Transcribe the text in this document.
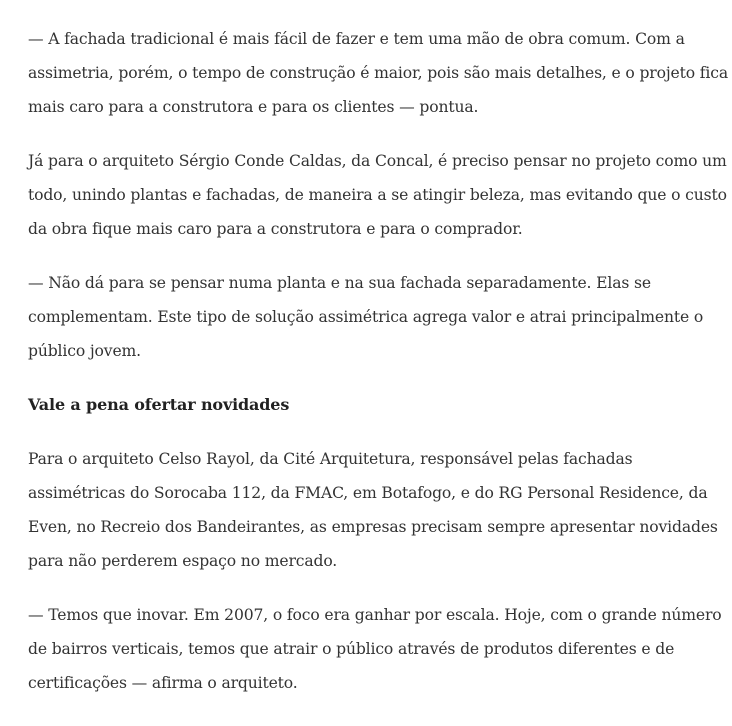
— A fachada tradicional é mais fácil de fazer e tem uma mão de obra comum. Com a assimetria, porém, o tempo de construção é maior, pois são mais detalhes, e o projeto fica mais caro para a construtora e para os clientes — pontua.

Já para o arquiteto Sérgio Conde Caldas, da Concal, é preciso pensar no projeto como um todo, unindo plantas e fachadas, de maneira a se atingir beleza, mas evitando que o custo da obra fique mais caro para a construtora e para o comprador.

— Não dá para se pensar numa planta e na sua fachada separadamente. Elas se complementam. Este tipo de solução assimétrica agrega valor e atrai principalmente o público jovem.

Vale a pena ofertar novidades

Para o arquiteto Celso Rayol, da Cité Arquitetura, responsável pelas fachadas assimétricas do Sorocaba 112, da FMAC, em Botafogo, e do RG Personal Residence, da Even, no Recreio dos Bandeirantes, as empresas precisam sempre apresentar novidades para não perderem espaço no mercado.

— Temos que inovar. Em 2007, o foco era ganhar por escala. Hoje, com o grande número de bairros verticais, temos que atrair o público através de produtos diferentes e de certificações — afirma o arquiteto.
